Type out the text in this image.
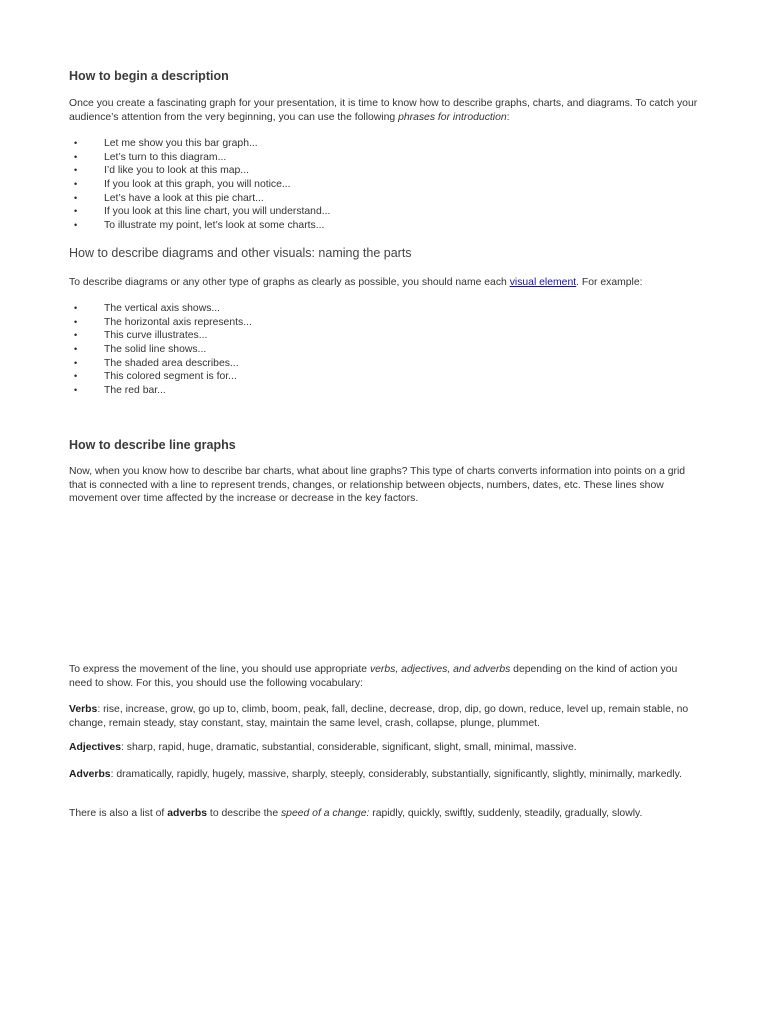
How to begin a description

Once you create a fascinating graph for your presentation, it is time to know how to describe graphs, charts, and diagrams. To catch your audience’s attention from the very beginning, you can use the following phrases for introduction:

•	Let me show you this bar graph...
•	Let’s turn to this diagram...
•	I’d like you to look at this map...
•	If you look at this graph, you will notice...
•	Let’s have a look at this pie chart...
•	If you look at this line chart, you will understand...
•	To illustrate my point, let’s look at some charts...
How to describe diagrams and other visuals: naming the parts

To describe diagrams or any other type of graphs as clearly as possible, you should name each visual element. For example:

•	The vertical axis shows...
•	The horizontal axis represents...
•	This curve illustrates...
•	The solid line shows...
•	The shaded area describes...
•	This colored segment is for...
•	The red bar...
How to describe line graphs

Now, when you know how to describe bar charts, what about line graphs? This type of charts converts information into points on a grid that is connected with a line to represent trends, changes, or relationship between objects, numbers, dates, etc. These lines show movement over time affected by the increase or decrease in the key factors.

To express the movement of the line, you should use appropriate verbs, adjectives, and adverbs depending on the kind of action you need to show. For this, you should use the following vocabulary:

Verbs: rise, increase, grow, go up to, climb, boom, peak, fall, decline, decrease, drop, dip, go down, reduce, level up, remain stable, no change, remain steady, stay constant, stay, maintain the same level, crash, collapse, plunge, plummet.

Adjectives: sharp, rapid, huge, dramatic, substantial, considerable, significant, slight, small, minimal, massive.

Adverbs: dramatically, rapidly, hugely, massive, sharply, steeply, considerably, substantially, significantly, slightly, minimally, markedly.

There is also a list of adverbs to describe the speed of a change: rapidly, quickly, swiftly, suddenly, steadily, gradually, slowly.
